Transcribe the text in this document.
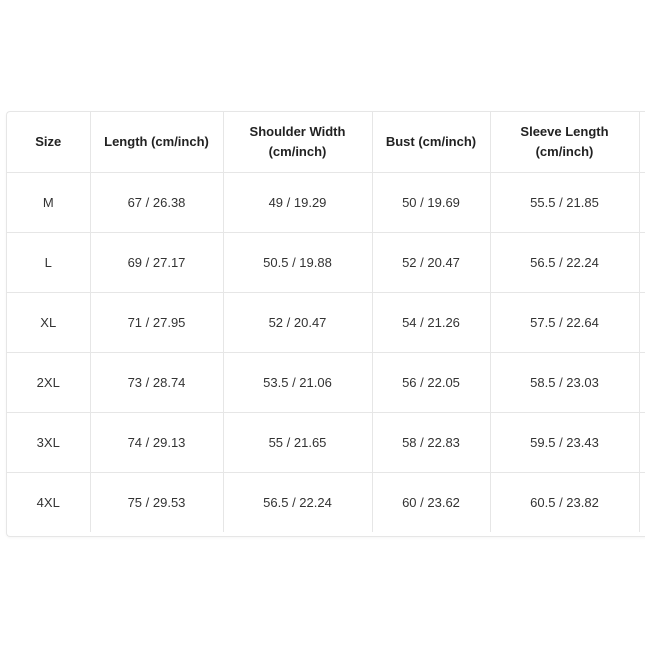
Size	Length (cm/inch)	Shoulder Width (cm/inch)	Bust (cm/inch)	Sleeve Length (cm/inch)	
M	67 / 26.38	49 / 19.29	50 / 19.69	55.5 / 21.85	
L	69 / 27.17	50.5 / 19.88	52 / 20.47	56.5 / 22.24	
XL	71 / 27.95	52 / 20.47	54 / 21.26	57.5 / 22.64	
2XL	73 / 28.74	53.5 / 21.06	56 / 22.05	58.5 / 23.03	
3XL	74 / 29.13	55 / 21.65	58 / 22.83	59.5 / 23.43	
4XL	75 / 29.53	56.5 / 22.24	60 / 23.62	60.5 / 23.82	
